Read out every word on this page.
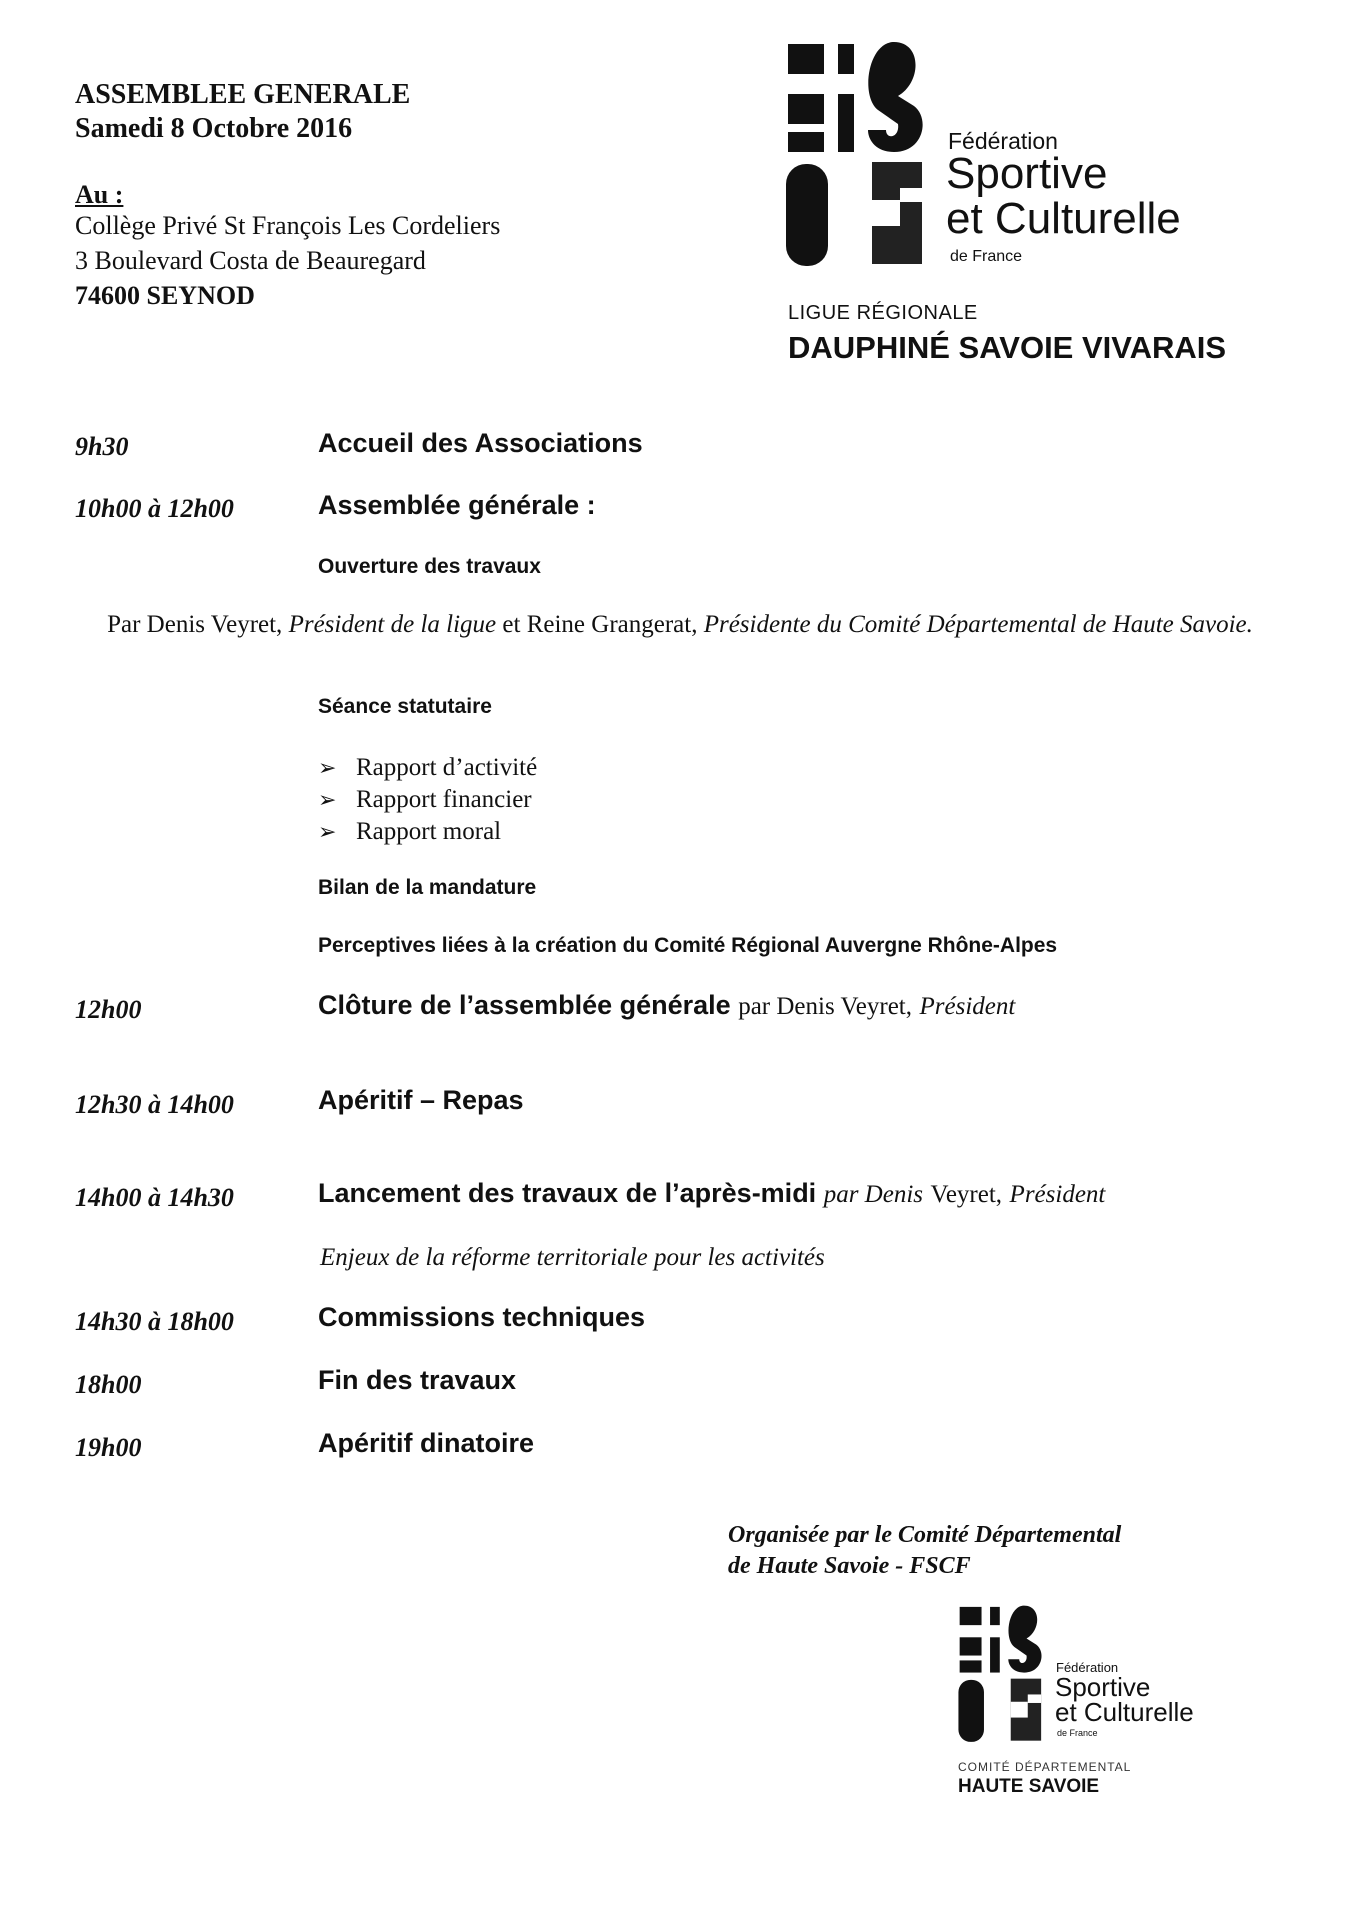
ASSEMBLEE GENERALE
Samedi 8 Octobre 2016
Au :
Collège Privé St François Les Cordeliers
3 Boulevard Costa de Beauregard
74600 SEYNOD
Fédération
Sportive
et Culturelle
de France
LIGUE RÉGIONALE
DAUPHINÉ SAVOIE VIVARAIS
9h30	Accueil des Associations
10h00 à 12h00	Assemblée générale :
Ouverture des travaux
Par Denis Veyret, Président de la ligue et Reine Grangerat, Présidente du Comité Départemental de Haute Savoie.
Séance statutaire
➢ Rapport d’activité
➢ Rapport financier
➢ Rapport moral
Bilan de la mandature
Perceptives liées à la création du Comité Régional Auvergne Rhône-Alpes
12h00	Clôture de l’assemblée générale par Denis Veyret, Président
12h30 à 14h00	Apéritif – Repas
14h00 à 14h30	Lancement des travaux de l’après-midi par Denis Veyret, Président
Enjeux de la réforme territoriale pour les activités
14h30 à 18h00	Commissions techniques
18h00	Fin des travaux
19h00	Apéritif dinatoire
Organisée par le Comité Départemental
de Haute Savoie - FSCF
Fédération
Sportive
et Culturelle
de France
COMITÉ DÉPARTEMENTAL
HAUTE SAVOIE
